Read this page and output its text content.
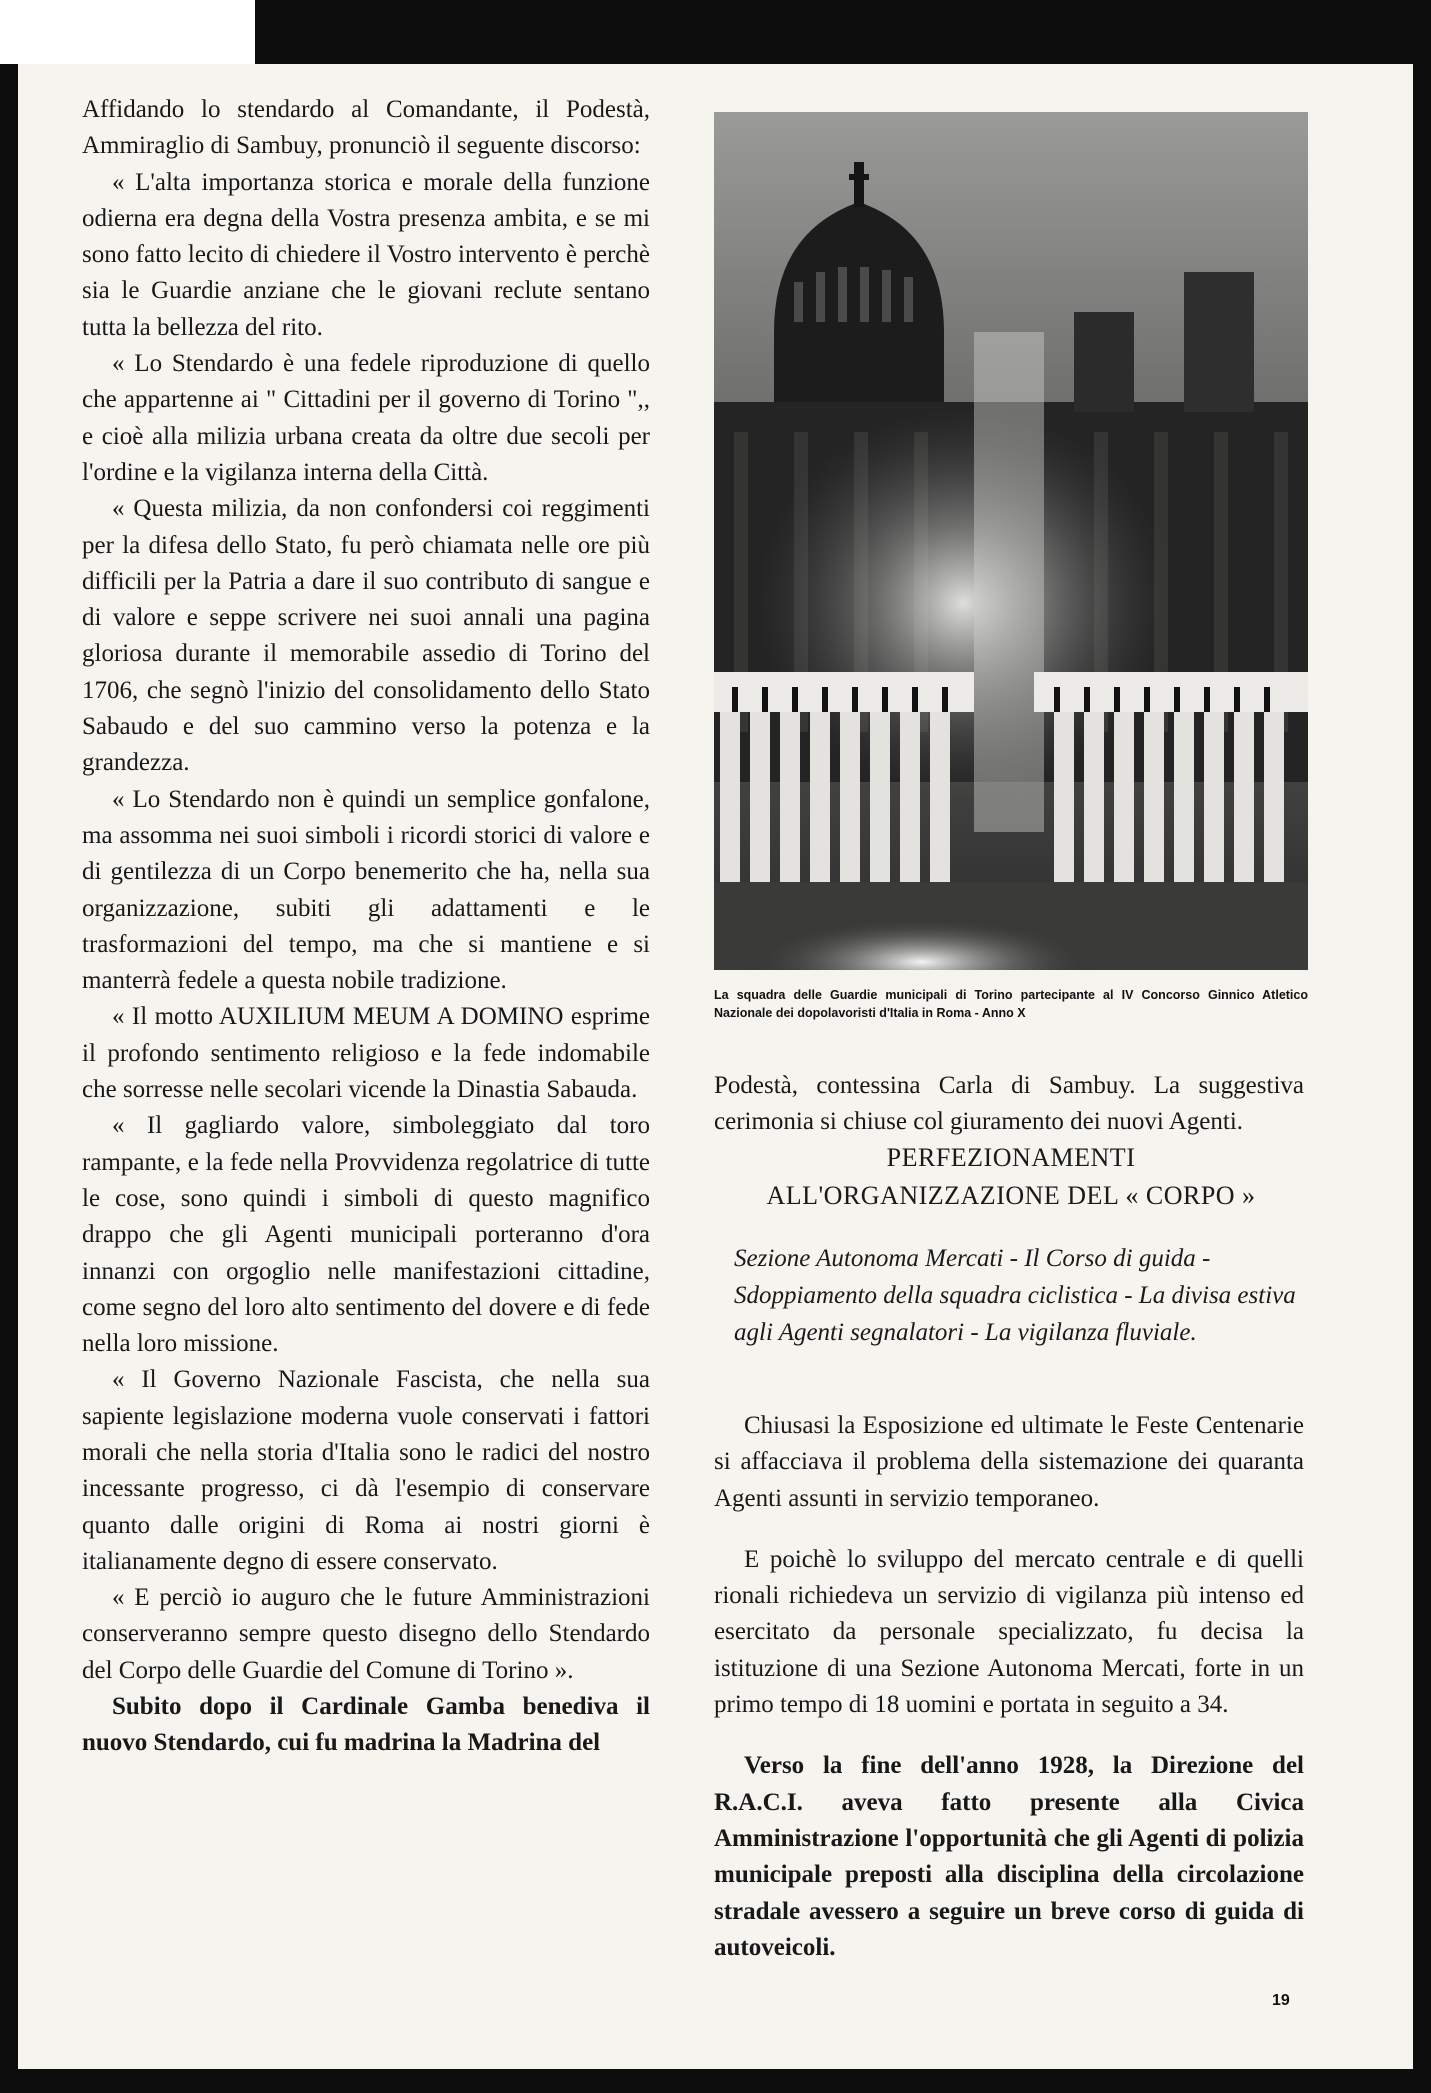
Affidando lo stendardo al Comandante, il Podestà, Ammiraglio di Sambuy, pronunciò il seguente discorso:

« L'alta importanza storica e morale della funzione odierna era degna della Vostra presenza ambita, e se mi sono fatto lecito di chiedere il Vostro intervento è perchè sia le Guardie anziane che le giovani reclute sentano tutta la bellezza del rito.

« Lo Stendardo è una fedele riproduzione di quello che appartenne ai " Cittadini per il governo di Torino ",, e cioè alla milizia urbana creata da oltre due secoli per l'ordine e la vigilanza interna della Città.

« Questa milizia, da non confondersi coi reggimenti per la difesa dello Stato, fu però chiamata nelle ore più difficili per la Patria a dare il suo contributo di sangue e di valore e seppe scrivere nei suoi annali una pagina gloriosa durante il memorabile assedio di Torino del 1706, che segnò l'inizio del consolidamento dello Stato Sabaudo e del suo cammino verso la potenza e la grandezza.

« Lo Stendardo non è quindi un semplice gonfalone, ma assomma nei suoi simboli i ricordi storici di valore e di gentilezza di un Corpo benemerito che ha, nella sua organizzazione, subiti gli adattamenti e le trasformazioni del tempo, ma che si mantiene e si manterrà fedele a questa nobile tradizione.

« Il motto AUXILIUM MEUM A DOMINO esprime il profondo sentimento religioso e la fede indomabile che sorresse nelle secolari vicende la Dinastia Sabauda.

« Il gagliardo valore, simboleggiato dal toro rampante, e la fede nella Provvidenza regolatrice di tutte le cose, sono quindi i simboli di questo magnifico drappo che gli Agenti municipali porteranno d'ora innanzi con orgoglio nelle manifestazioni cittadine, come segno del loro alto sentimento del dovere e di fede nella loro missione.

« Il Governo Nazionale Fascista, che nella sua sapiente legislazione moderna vuole conservati i fattori morali che nella storia d'Italia sono le radici del nostro incessante progresso, ci dà l'esempio di conservare quanto dalle origini di Roma ai nostri giorni è italianamente degno di essere conservato.

« E perciò io auguro che le future Amministrazioni conserveranno sempre questo disegno dello Stendardo del Corpo delle Guardie del Comune di Torino ».

Subito dopo il Cardinale Gamba benediva il nuovo Stendardo, cui fu madrina la Madrina del

La squadra delle Guardie municipali di Torino partecipante al IV Concorso Ginnico Atletico Nazionale dei dopolavoristi d'Italia in Roma - Anno X
Podestà, contessina Carla di Sambuy. La suggestiva cerimonia si chiuse col giuramento dei nuovi Agenti.
PERFEZIONAMENTI
ALL'ORGANIZZAZIONE DEL « CORPO »
Sezione Autonoma Mercati - Il Corso di guida - Sdoppiamento della squadra ciclistica - La divisa estiva agli Agenti segnalatori - La vigilanza fluviale.

Chiusasi la Esposizione ed ultimate le Feste Centenarie si affacciava il problema della sistemazione dei quaranta Agenti assunti in servizio temporaneo.

E poichè lo sviluppo del mercato centrale e di quelli rionali richiedeva un servizio di vigilanza più intenso ed esercitato da personale specializzato, fu decisa la istituzione di una Sezione Autonoma Mercati, forte in un primo tempo di 18 uomini e portata in seguito a 34.

Verso la fine dell'anno 1928, la Direzione del R.A.C.I. aveva fatto presente alla Civica Amministrazione l'opportunità che gli Agenti di polizia municipale preposti alla disciplina della circolazione stradale avessero a seguire un breve corso di guida di autoveicoli.

19
